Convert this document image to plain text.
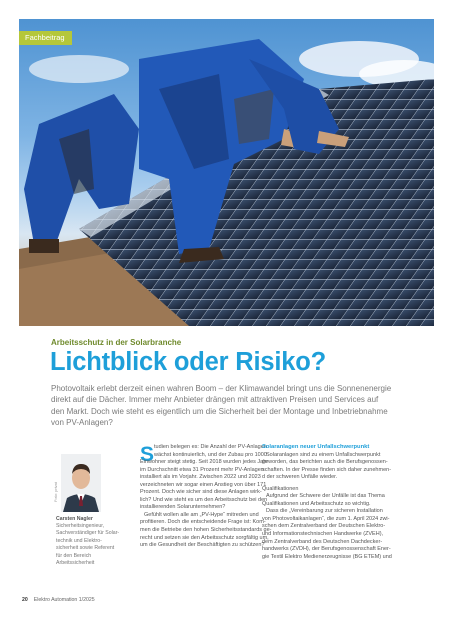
Fachbeitrag
Arbeitsschutz in der Solarbranche
Lichtblick oder Risiko?
Photovoltaik erlebt derzeit einen wahren Boom – der Klimawandel bringt uns die Sonnenenergie
direkt auf die Dächer. Immer mehr Anbieter drängen mit attraktiven Preisen und Services auf
den Markt. Doch wie steht es eigentlich um die Sicherheit bei der Montage und Inbetriebnahme
von PV-Anlagen?
Foto: privat
Carsten Nagler
Sicherheitsingenieur,
Sachverständiger für Solar-
technik und Elektro-
sicherheit sowie Referent
für den Bereich
Arbeitssicherheit
S tudien belegen es: Die Anzahl der PV-Anlagen
wächst kontinuierlich, und der Zubau pro 1000
Einwohner steigt stetig. Seit 2018 wurden jedes Jahr
im Durchschnitt etwa 31 Prozent mehr PV-Anlagen
installiert als im Vorjahr. Zwischen 2022 und 2023
verzeichneten wir sogar einen Anstieg von über 171
Prozent. Doch wie sicher sind diese Anlagen wirk-
lich? Und wie steht es um den Arbeitsschutz bei den
installierenden Solarunternehmen?
Gefühlt wollen alle am „PV-Hype“ mitreden und
profitieren. Doch die entscheidende Frage ist: Kom-
men die Betriebe den hohen Sicherheitsstandards ge-
recht und setzen sie den Arbeitsschutz sorgfältig um,
um die Gesundheit der Beschäftigten zu schützen?
Solaranlagen neuer Unfallschwerpunkt
Solaranlagen sind zu einem Unfallschwerpunkt
geworden, das berichten auch die Berufsgenossen-
schaften. In der Presse finden sich daher zunehmen-
d der schweren Unfälle wieder.
Qualifikationen
Aufgrund der Schwere der Unfälle ist das Thema
Qualifikationen und Arbeitsschutz so wichtig.
Dass die „Vereinbarung zur sicheren Installation
von Photovoltaikanlagen“, die zum 1. April 2024 zwi-
schen dem Zentralverband der Deutschen Elektro-
und Informationstechnischen Handwerke (ZVEH),
dem Zentralverband des Deutschen Dachdecker-
handwerks (ZVDH), der Berufsgenossenschaft Ener-
gie Textil Elektro Medienerzeugnisse (BG ETEM) und
20 Elektro Automation 1/2025
